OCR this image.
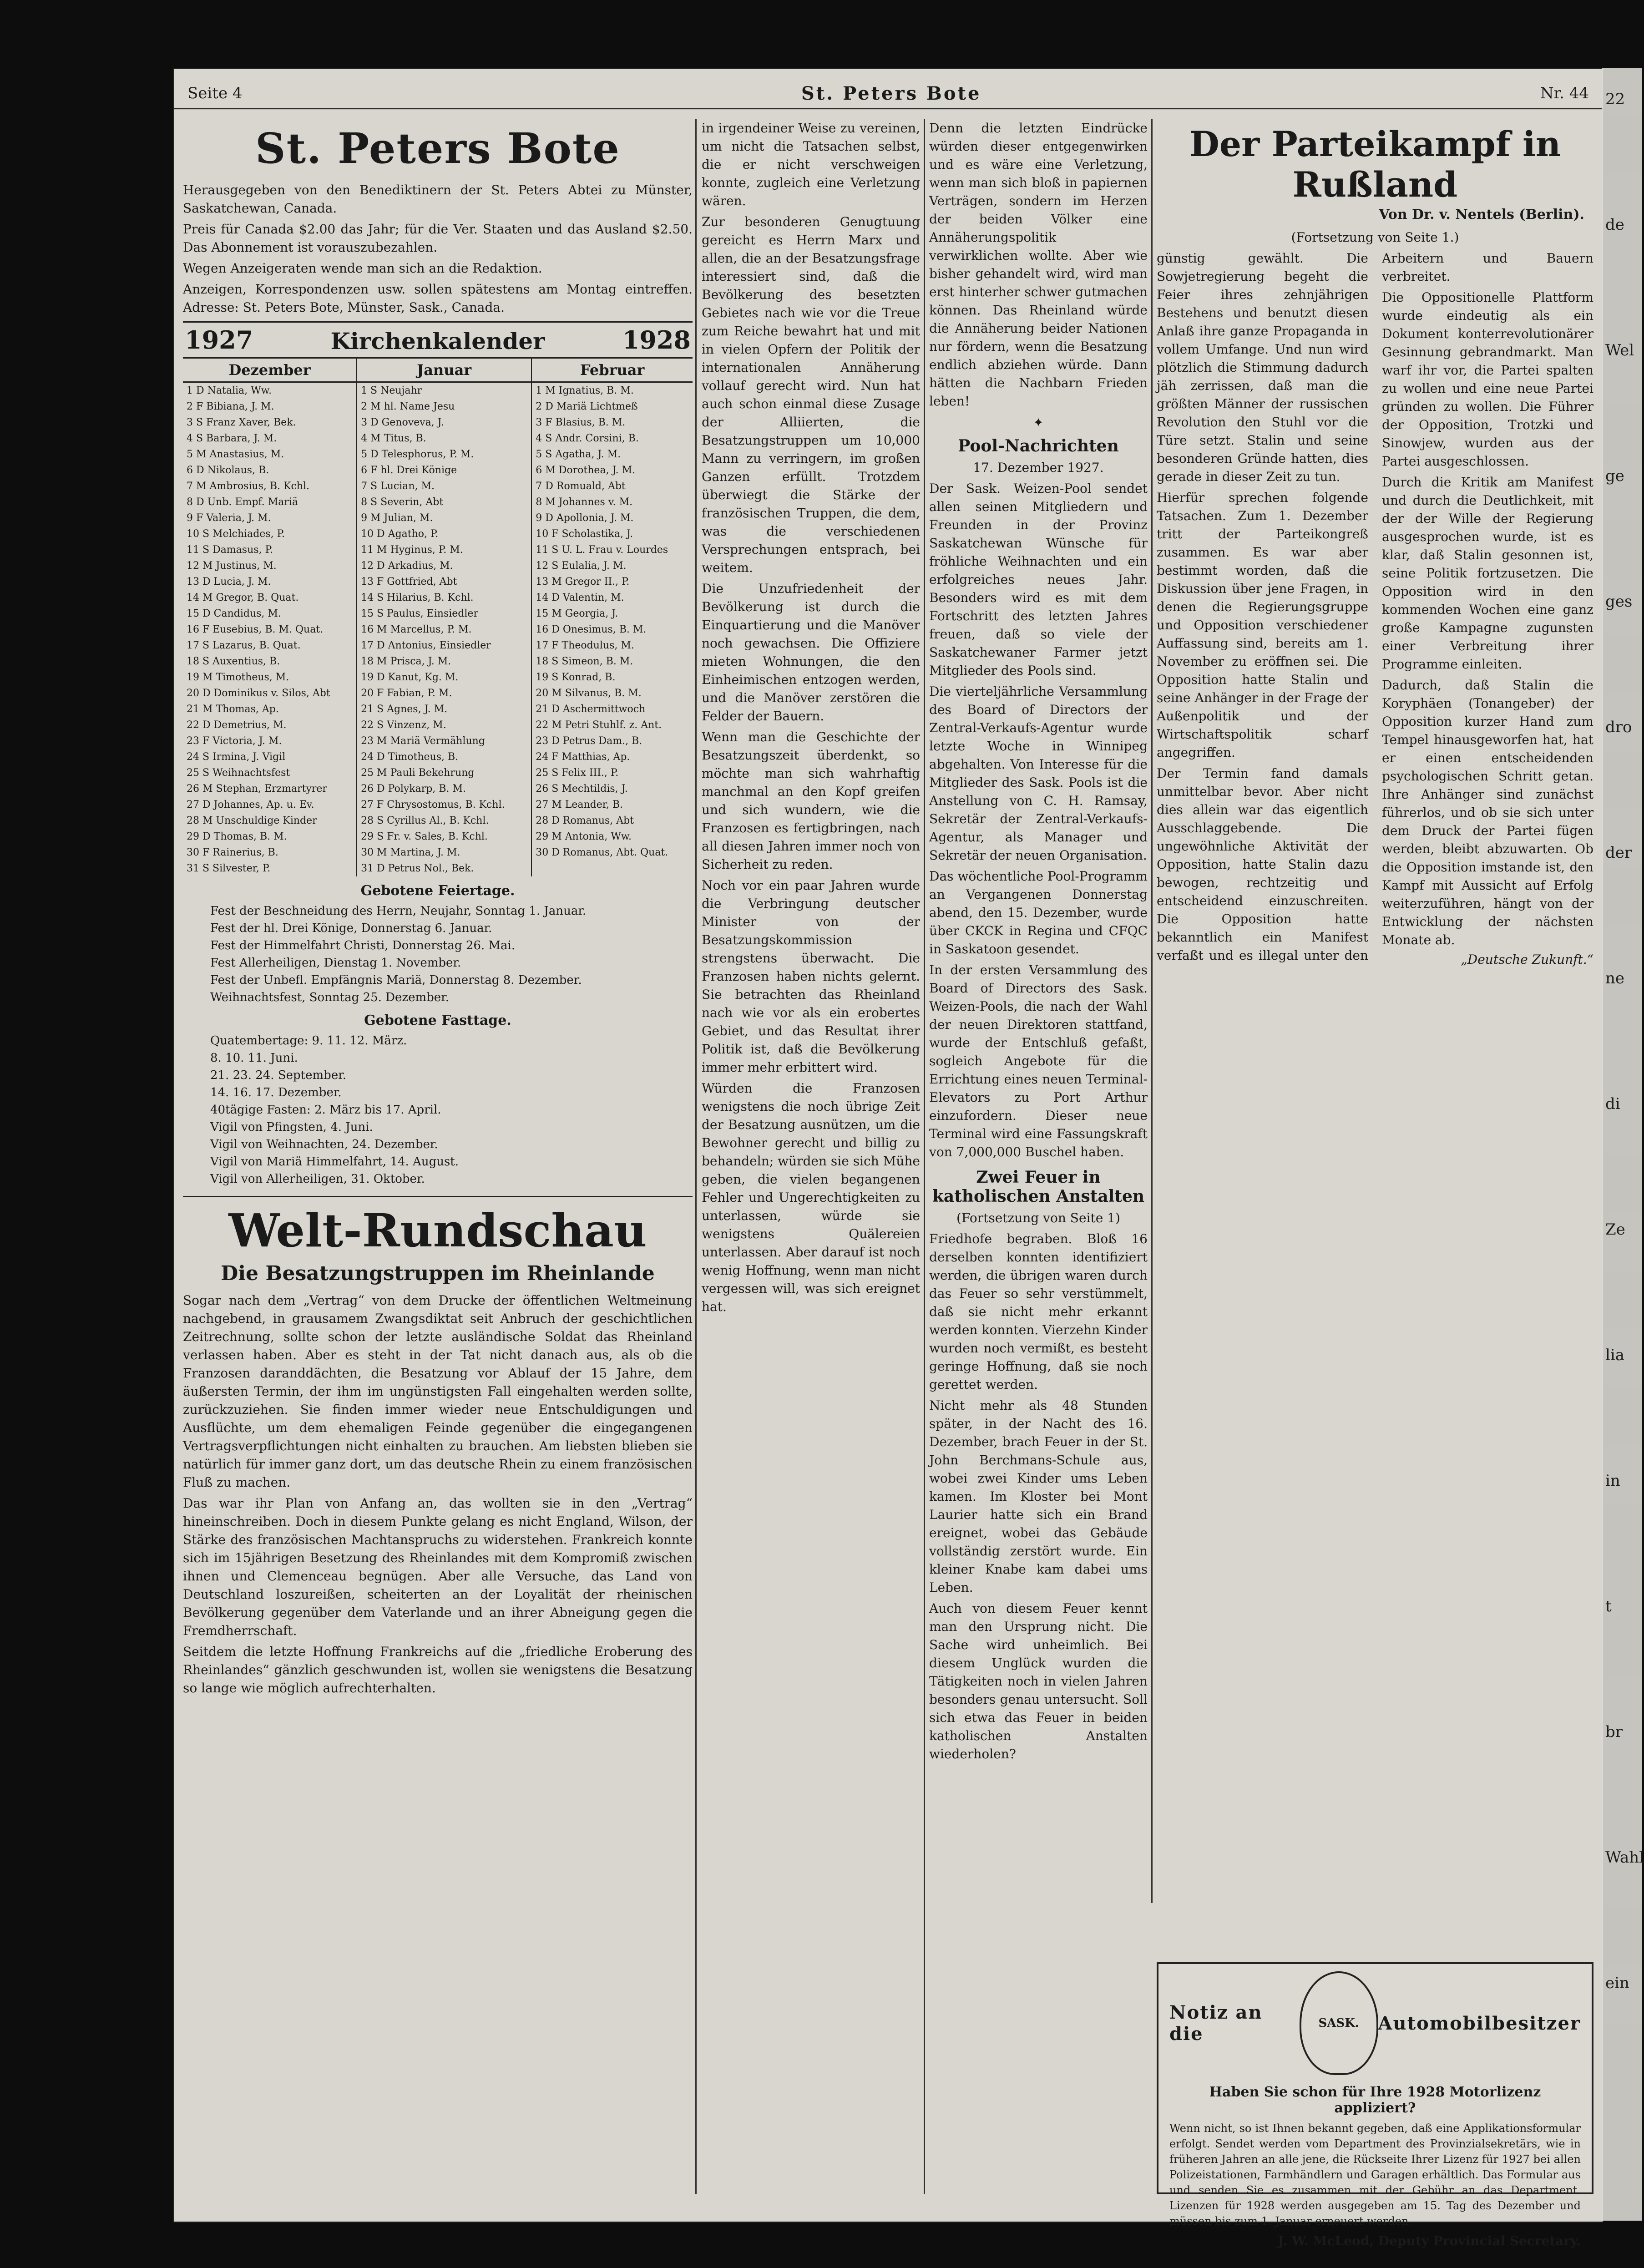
Seite 4	St. Peters Bote	Nr. 44
St. Peters Bote

Herausgegeben von den Benediktinern der St. Peters Abtei zu Münster, Saskatchewan, Canada.

Preis für Canada $2.00 das Jahr; für die Ver. Staaten und das Ausland $2.50. Das Abonnement ist vorauszubezahlen.

Wegen Anzeigeraten wende man sich an die Redaktion.

Anzeigen, Korrespondenzen usw. sollen spätestens am Montag eintreffen. Adresse: St. Peters Bote, Münster, Sask., Canada.

1927	Kirchenkalender	1928
Dezember	Januar	Februar
1 D Natalia, Ww.	1 S Neujahr	1 M Ignatius, B. M.
2 F Bibiana, J. M.	2 M hl. Name Jesu	2 D Mariä Lichtmeß
3 S Franz Xaver, Bek.	3 D Genoveva, J.	3 F Blasius, B. M.
4 S Barbara, J. M.	4 M Titus, B.	4 S Andr. Corsini, B.
5 M Anastasius, M.	5 D Telesphorus, P. M.	5 S Agatha, J. M.
6 D Nikolaus, B.	6 F hl. Drei Könige	6 M Dorothea, J. M.
7 M Ambrosius, B. Kchl.	7 S Lucian, M.	7 D Romuald, Abt
8 D Unb. Empf. Mariä	8 S Severin, Abt	8 M Johannes v. M.
9 F Valeria, J. M.	9 M Julian, M.	9 D Apollonia, J. M.
10 S Melchiades, P.	10 D Agatho, P.	10 F Scholastika, J.
11 S Damasus, P.	11 M Hyginus, P. M.	11 S U. L. Frau v. Lourdes
12 M Justinus, M.	12 D Arkadius, M.	12 S Eulalia, J. M.
13 D Lucia, J. M.	13 F Gottfried, Abt	13 M Gregor II., P.
14 M Gregor, B. Quat.	14 S Hilarius, B. Kchl.	14 D Valentin, M.
15 D Candidus, M.	15 S Paulus, Einsiedler	15 M Georgia, J.
16 F Eusebius, B. M. Quat.	16 M Marcellus, P. M.	16 D Onesimus, B. M.
17 S Lazarus, B. Quat.	17 D Antonius, Einsiedler	17 F Theodulus, M.
18 S Auxentius, B.	18 M Prisca, J. M.	18 S Simeon, B. M.
19 M Timotheus, M.	19 D Kanut, Kg. M.	19 S Konrad, B.
20 D Dominikus v. Silos, Abt	20 F Fabian, P. M.	20 M Silvanus, B. M.
21 M Thomas, Ap.	21 S Agnes, J. M.	21 D Aschermittwoch
22 D Demetrius, M.	22 S Vinzenz, M.	22 M Petri Stuhlf. z. Ant.
23 F Victoria, J. M.	23 M Mariä Vermählung	23 D Petrus Dam., B.
24 S Irmina, J. Vigil	24 D Timotheus, B.	24 F Matthias, Ap.
25 S Weihnachtsfest	25 M Pauli Bekehrung	25 S Felix III., P.
26 M Stephan, Erzmartyrer	26 D Polykarp, B. M.	26 S Mechtildis, J.
27 D Johannes, Ap. u. Ev.	27 F Chrysostomus, B. Kchl.	27 M Leander, B.
28 M Unschuldige Kinder	28 S Cyrillus Al., B. Kchl.	28 D Romanus, Abt
29 D Thomas, B. M.	29 S Fr. v. Sales, B. Kchl.	29 M Antonia, Ww.
30 F Rainerius, B.	30 M Martina, J. M.	30 D Romanus, Abt. Quat.
31 S Silvester, P.	31 D Petrus Nol., Bek.	
Gebotene Feiertage.
Fest der Beschneidung des Herrn, Neujahr, Sonntag 1. Januar.
Fest der hl. Drei Könige, Donnerstag 6. Januar.
Fest der Himmelfahrt Christi, Donnerstag 26. Mai.
Fest Allerheiligen, Dienstag 1. November.
Fest der Unbefl. Empfängnis Mariä, Donnerstag 8. Dezember.
Weihnachtsfest, Sonntag 25. Dezember.
Gebotene Fasttage.
Quatembertage: 9. 11. 12. März.
8. 10. 11. Juni.
21. 23. 24. September.
14. 16. 17. Dezember.
40tägige Fasten: 2. März bis 17. April.
Vigil von Pfingsten, 4. Juni.
Vigil von Weihnachten, 24. Dezember.
Vigil von Mariä Himmelfahrt, 14. August.
Vigil von Allerheiligen, 31. Oktober.
Welt-Rundschau
Die Besatzungstruppen im Rheinlande

Sogar nach dem „Vertrag“ von dem Drucke der öffentlichen Weltmeinung nachgebend, in grausamem Zwangsdiktat seit Anbruch der geschichtlichen Zeitrechnung, sollte schon der letzte ausländische Soldat das Rheinland verlassen haben. Aber es steht in der Tat nicht danach aus, als ob die Franzosen daranddächten, die Besatzung vor Ablauf der 15 Jahre, dem äußersten Termin, der ihm im ungünstigsten Fall eingehalten werden sollte, zurückzuziehen. Sie finden immer wieder neue Entschuldigungen und Ausflüchte, um dem ehemaligen Feinde gegenüber die eingegangenen Vertragsverpflichtungen nicht einhalten zu brauchen. Am liebsten blieben sie natürlich für immer ganz dort, um das deutsche Rhein zu einem französischen Fluß zu machen.

Das war ihr Plan von Anfang an, das wollten sie in den „Vertrag“ hineinschreiben. Doch in diesem Punkte gelang es nicht England, Wilson, der Stärke des französischen Machtanspruchs zu widerstehen. Frankreich konnte sich im 15jährigen Besetzung des Rheinlandes mit dem Kompromiß zwischen ihnen und Clemenceau begnügen. Aber alle Versuche, das Land von Deutschland loszureißen, scheiterten an der Loyalität der rheinischen Bevölkerung gegenüber dem Vaterlande und an ihrer Abneigung gegen die Fremdherrschaft.

Seitdem die letzte Hoffnung Frankreichs auf die „friedliche Eroberung des Rheinlandes“ gänzlich geschwunden ist, wollen sie wenigstens die Besatzung so lange wie möglich aufrechterhalten.

in irgendeiner Weise zu vereinen, um nicht die Tatsachen selbst, die er nicht verschweigen konnte, zugleich eine Verletzung wären.

Zur besonderen Genugtuung gereicht es Herrn Marx und allen, die an der Besatzungsfrage interessiert sind, daß die Bevölkerung des besetzten Gebietes nach wie vor die Treue zum Reiche bewahrt hat und mit in vielen Opfern der Politik der internationalen Annäherung vollauf gerecht wird. Nun hat auch schon einmal diese Zusage der Alliierten, die Besatzungstruppen um 10,000 Mann zu verringern, im großen Ganzen erfüllt. Trotzdem überwiegt die Stärke der französischen Truppen, die dem, was die verschiedenen Versprechungen entsprach, bei weitem.

Die Unzufriedenheit der Bevölkerung ist durch die Einquartierung und die Manöver noch gewachsen. Die Offiziere mieten Wohnungen, die den Einheimischen entzogen werden, und die Manöver zerstören die Felder der Bauern.

Wenn man die Geschichte der Besatzungszeit überdenkt, so möchte man sich wahrhaftig manchmal an den Kopf greifen und sich wundern, wie die Franzosen es fertigbringen, nach all diesen Jahren immer noch von Sicherheit zu reden.

Noch vor ein paar Jahren wurde die Verbringung deutscher Minister von der Besatzungskommission strengstens überwacht. Die Franzosen haben nichts gelernt. Sie betrachten das Rheinland nach wie vor als ein erobertes Gebiet, und das Resultat ihrer Politik ist, daß die Bevölkerung immer mehr erbittert wird.

Würden die Franzosen wenigstens die noch übrige Zeit der Besatzung ausnützen, um die Bewohner gerecht und billig zu behandeln; würden sie sich Mühe geben, die vielen begangenen Fehler und Ungerechtigkeiten zu unterlassen, würde sie wenigstens Quälereien unterlassen. Aber darauf ist noch wenig Hoffnung, wenn man nicht vergessen will, was sich ereignet hat.

Denn die letzten Eindrücke würden dieser entgegenwirken und es wäre eine Verletzung, wenn man sich bloß in papiernen Verträgen, sondern im Herzen der beiden Völker eine Annäherungspolitik verwirklichen wollte. Aber wie bisher gehandelt wird, wird man erst hinterher schwer gutmachen können. Das Rheinland würde die Annäherung beider Nationen nur fördern, wenn die Besatzung endlich abziehen würde. Dann hätten die Nachbarn Frieden leben!

✦
Pool-Nachrichten
17. Dezember 1927.

Der Sask. Weizen-Pool sendet allen seinen Mitgliedern und Freunden in der Provinz Saskatchewan Wünsche für fröhliche Weihnachten und ein erfolgreiches neues Jahr. Besonders wird es mit dem Fortschritt des letzten Jahres freuen, daß so viele der Saskatchewaner Farmer jetzt Mitglieder des Pools sind.

Die vierteljährliche Versammlung des Board of Directors der Zentral-Verkaufs-Agentur wurde letzte Woche in Winnipeg abgehalten. Von Interesse für die Mitglieder des Sask. Pools ist die Anstellung von C. H. Ramsay, Sekretär der Zentral-Verkaufs-Agentur, als Manager und Sekretär der neuen Organisation.

Das wöchentliche Pool-Programm an Vergangenen Donnerstag abend, den 15. Dezember, wurde über CKCK in Regina und CFQC in Saskatoon gesendet.

In der ersten Versammlung des Board of Directors des Sask. Weizen-Pools, die nach der Wahl der neuen Direktoren stattfand, wurde der Entschluß gefaßt, sogleich Angebote für die Errichtung eines neuen Terminal-Elevators zu Port Arthur einzufordern. Dieser neue Terminal wird eine Fassungskraft von 7,000,000 Buschel haben.

Zwei Feuer in katholischen Anstalten
(Fortsetzung von Seite 1)

Friedhofe begraben. Bloß 16 derselben konnten identifiziert werden, die übrigen waren durch das Feuer so sehr verstümmelt, daß sie nicht mehr erkannt werden konnten. Vierzehn Kinder wurden noch vermißt, es besteht geringe Hoffnung, daß sie noch gerettet werden.

Nicht mehr als 48 Stunden später, in der Nacht des 16. Dezember, brach Feuer in der St. John Berchmans-Schule aus, wobei zwei Kinder ums Leben kamen. Im Kloster bei Mont Laurier hatte sich ein Brand ereignet, wobei das Gebäude vollständig zerstört wurde. Ein kleiner Knabe kam dabei ums Leben.

Auch von diesem Feuer kennt man den Ursprung nicht. Die Sache wird unheimlich. Bei diesem Unglück wurden die Tätigkeiten noch in vielen Jahren besonders genau untersucht. Soll sich etwa das Feuer in beiden katholischen Anstalten wiederholen?

Der Parteikampf in Rußland
Von Dr. v. Nentels (Berlin).
(Fortsetzung von Seite 1.)

günstig gewählt. Die Sowjetregierung begeht die Feier ihres zehnjährigen Bestehens und benutzt diesen Anlaß ihre ganze Propaganda in vollem Umfange. Und nun wird plötzlich die Stimmung dadurch jäh zerrissen, daß man die größten Männer der russischen Revolution den Stuhl vor die Türe setzt. Stalin und seine besonderen Gründe hatten, dies gerade in dieser Zeit zu tun.

Hierfür sprechen folgende Tatsachen. Zum 1. Dezember tritt der Parteikongreß zusammen. Es war aber bestimmt worden, daß die Diskussion über jene Fragen, in denen die Regierungsgruppe und Opposition verschiedener Auffassung sind, bereits am 1. November zu eröffnen sei. Die Opposition hatte Stalin und seine Anhänger in der Frage der Außenpolitik und der Wirtschaftspolitik scharf angegriffen.

Der Termin fand damals unmittelbar bevor. Aber nicht dies allein war das eigentlich Ausschlaggebende. Die ungewöhnliche Aktivität der Opposition, hatte Stalin dazu bewogen, rechtzeitig und entscheidend einzuschreiten. Die Opposition hatte bekanntlich ein Manifest verfaßt und es illegal unter den Arbeitern und Bauern verbreitet.

Die Oppositionelle Plattform wurde eindeutig als ein Dokument konterrevolutionärer Gesinnung gebrandmarkt. Man warf ihr vor, die Partei spalten zu wollen und eine neue Partei gründen zu wollen. Die Führer der Opposition, Trotzki und Sinowjew, wurden aus der Partei ausgeschlossen.

Durch die Kritik am Manifest und durch die Deutlichkeit, mit der der Wille der Regierung ausgesprochen wurde, ist es klar, daß Stalin gesonnen ist, seine Politik fortzusetzen. Die Opposition wird in den kommenden Wochen eine ganz große Kampagne zugunsten einer Verbreitung ihrer Programme einleiten.

Dadurch, daß Stalin die Koryphäen (Tonangeber) der Opposition kurzer Hand zum Tempel hinausgeworfen hat, hat er einen entscheidenden psychologischen Schritt getan. Ihre Anhänger sind zunächst führerlos, und ob sie sich unter dem Druck der Partei fügen werden, bleibt abzuwarten. Ob die Opposition imstande ist, den Kampf mit Aussicht auf Erfolg weiterzuführen, hängt von der Entwicklung der nächsten Monate ab.

„Deutsche Zukunft.“
Notiz an die	SASK. Automobilbesitzer
Haben Sie schon für Ihre 1928 Motorlizenz appliziert?
Wenn nicht, so ist Ihnen bekannt gegeben, daß eine Applikationsformular erfolgt. Sendet werden vom Department des Provinzialsekretärs, wie in früheren Jahren an alle jene, die Rückseite Ihrer Lizenz für 1927 bei allen Polizeistationen, Farmhändlern und Garagen erhältlich. Das Formular aus und senden Sie es zusammen mit der Gebühr an das Department. Lizenzen für 1928 werden ausgegeben am 15. Tag des Dezember und müssen bis zum 1. Januar erneuert werden.
J. W. McLeod, Deputy Provincial Secretary.
22
de
Wel
ge
ges
dro
der
ne
di
Ze
lia
in
t
br
Wahl
ein
